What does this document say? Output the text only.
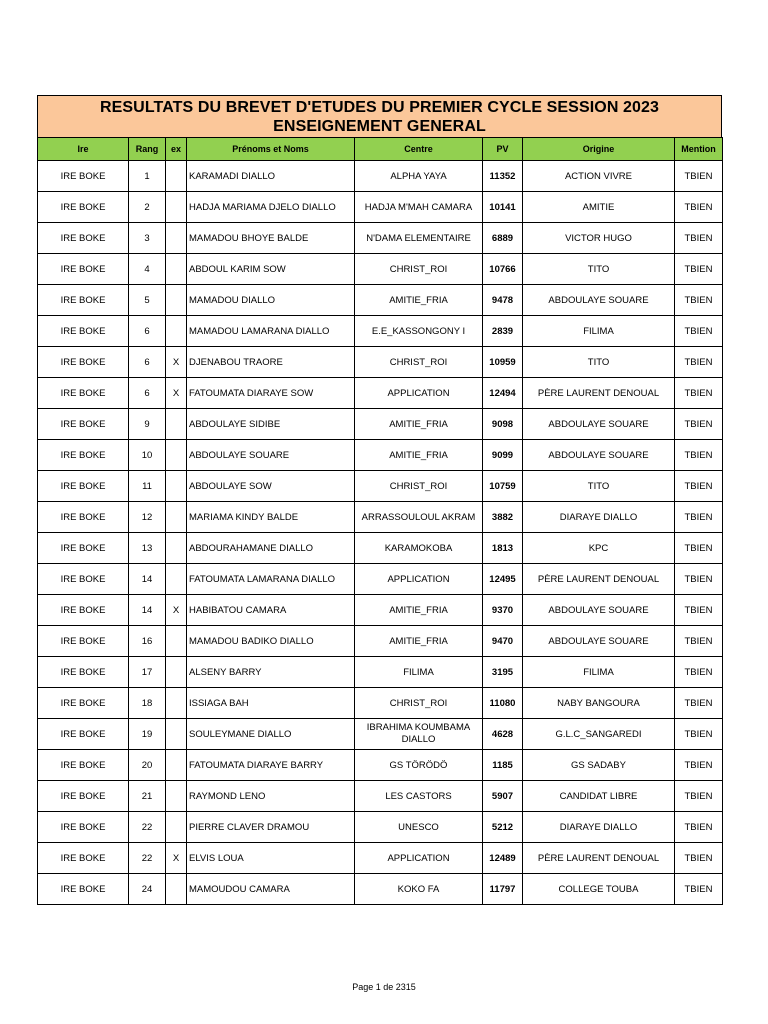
RESULTATS DU BREVET D'ETUDES DU PREMIER CYCLE SESSION 2023
ENSEIGNEMENT GENERAL
Ire	Rang	ex	Prénoms et Noms	Centre	PV	Origine	Mention
IRE BOKE	1		KARAMADI DIALLO	ALPHA YAYA	11352	ACTION VIVRE	TBIEN
IRE BOKE	2		HADJA MARIAMA DJELO DIALLO	HADJA M'MAH CAMARA	10141	AMITIE	TBIEN
IRE BOKE	3		MAMADOU BHOYE BALDE	N'DAMA ELEMENTAIRE	6889	VICTOR HUGO	TBIEN
IRE BOKE	4		ABDOUL KARIM SOW	CHRIST_ROI	10766	TITO	TBIEN
IRE BOKE	5		MAMADOU DIALLO	AMITIE_FRIA	9478	ABDOULAYE SOUARE	TBIEN
IRE BOKE	6		MAMADOU LAMARANA DIALLO	E.E_KASSONGONY I	2839	FILIMA	TBIEN
IRE BOKE	6	X	DJENABOU TRAORE	CHRIST_ROI	10959	TITO	TBIEN
IRE BOKE	6	X	FATOUMATA DIARAYE SOW	APPLICATION	12494	PÈRE LAURENT DENOUAL	TBIEN
IRE BOKE	9		ABDOULAYE SIDIBE	AMITIE_FRIA	9098	ABDOULAYE SOUARE	TBIEN
IRE BOKE	10		ABDOULAYE SOUARE	AMITIE_FRIA	9099	ABDOULAYE SOUARE	TBIEN
IRE BOKE	11		ABDOULAYE SOW	CHRIST_ROI	10759	TITO	TBIEN
IRE BOKE	12		MARIAMA KINDY BALDE	ARRASSOULOUL AKRAM	3882	DIARAYE DIALLO	TBIEN
IRE BOKE	13		ABDOURAHAMANE DIALLO	KARAMOKOBA	1813	KPC	TBIEN
IRE BOKE	14		FATOUMATA LAMARANA DIALLO	APPLICATION	12495	PÈRE LAURENT DENOUAL	TBIEN
IRE BOKE	14	X	HABIBATOU CAMARA	AMITIE_FRIA	9370	ABDOULAYE SOUARE	TBIEN
IRE BOKE	16		MAMADOU BADIKO DIALLO	AMITIE_FRIA	9470	ABDOULAYE SOUARE	TBIEN
IRE BOKE	17		ALSENY BARRY	FILIMA	3195	FILIMA	TBIEN
IRE BOKE	18		ISSIAGA BAH	CHRIST_ROI	11080	NABY BANGOURA	TBIEN
IRE BOKE	19		SOULEYMANE DIALLO	IBRAHIMA KOUMBAMA DIALLO	4628	G.L.C_SANGAREDI	TBIEN
IRE BOKE	20		FATOUMATA DIARAYE BARRY	GS TÖRÖDÖ	1185	GS SADABY	TBIEN
IRE BOKE	21		RAYMOND LENO	LES CASTORS	5907	CANDIDAT LIBRE	TBIEN
IRE BOKE	22		PIERRE CLAVER DRAMOU	UNESCO	5212	DIARAYE DIALLO	TBIEN
IRE BOKE	22	X	ELVIS LOUA	APPLICATION	12489	PÈRE LAURENT DENOUAL	TBIEN
IRE BOKE	24		MAMOUDOU CAMARA	KOKO FA	11797	COLLEGE TOUBA	TBIEN
Page 1 de 2315
